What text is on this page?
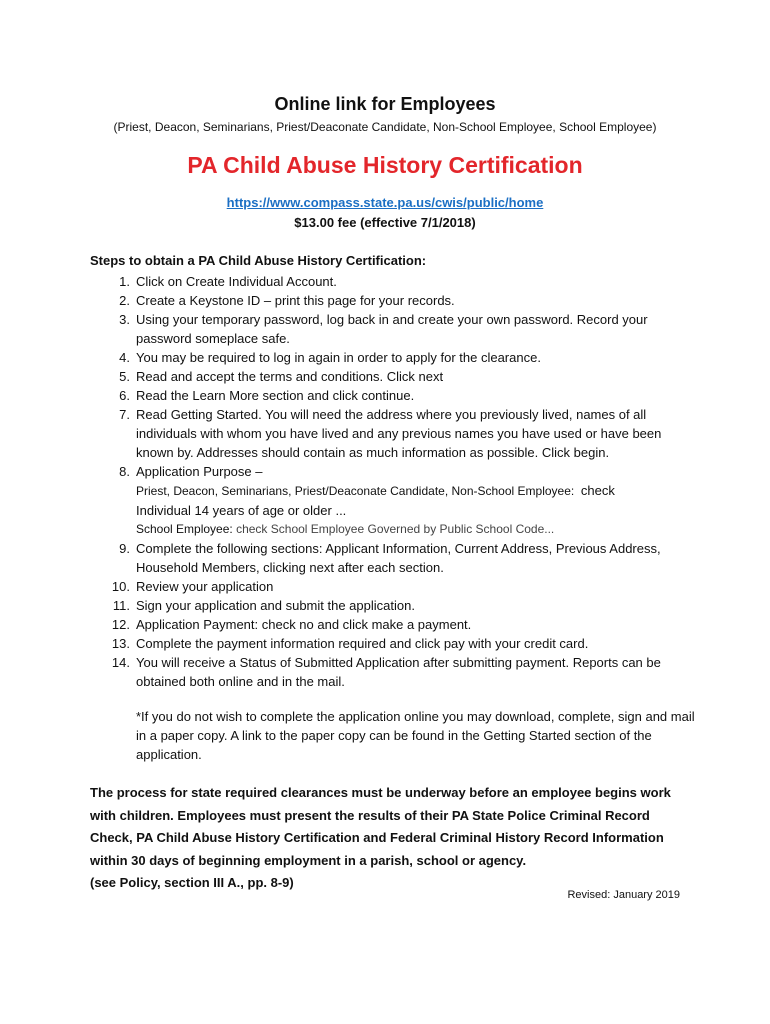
Online link for Employees
(Priest, Deacon, Seminarians, Priest/Deaconate Candidate, Non-School Employee, School Employee)
PA Child Abuse History Certification
https://www.compass.state.pa.us/cwis/public/home
$13.00 fee (effective 7/1/2018)
Steps to obtain a PA Child Abuse History Certification:
1. Click on Create Individual Account.
2. Create a Keystone ID – print this page for your records.
3. Using your temporary password, log back in and create your own password. Record your password someplace safe.
4. You may be required to log in again in order to apply for the clearance.
5. Read and accept the terms and conditions. Click next
6. Read the Learn More section and click continue.
7. Read Getting Started. You will need the address where you previously lived, names of all individuals with whom you have lived and any previous names you have used or have been known by. Addresses should contain as much information as possible. Click begin.
8. Application Purpose –
Priest, Deacon, Seminarians, Priest/Deaconate Candidate, Non-School Employee: check
Individual 14 years of age or older ...
School Employee: check School Employee Governed by Public School Code...
9. Complete the following sections: Applicant Information, Current Address, Previous Address, Household Members, clicking next after each section.
10. Review your application
11. Sign your application and submit the application.
12. Application Payment: check no and click make a payment.
13. Complete the payment information required and click pay with your credit card.
14. You will receive a Status of Submitted Application after submitting payment. Reports can be obtained both online and in the mail.
*If you do not wish to complete the application online you may download, complete, sign and mail in a paper copy. A link to the paper copy can be found in the Getting Started section of the application.
The process for state required clearances must be underway before an employee begins work with children. Employees must present the results of their PA State Police Criminal Record Check, PA Child Abuse History Certification and Federal Criminal History Record Information within 30 days of beginning employment in a parish, school or agency.
(see Policy, section III A., pp. 8-9)
Revised: January 2019
